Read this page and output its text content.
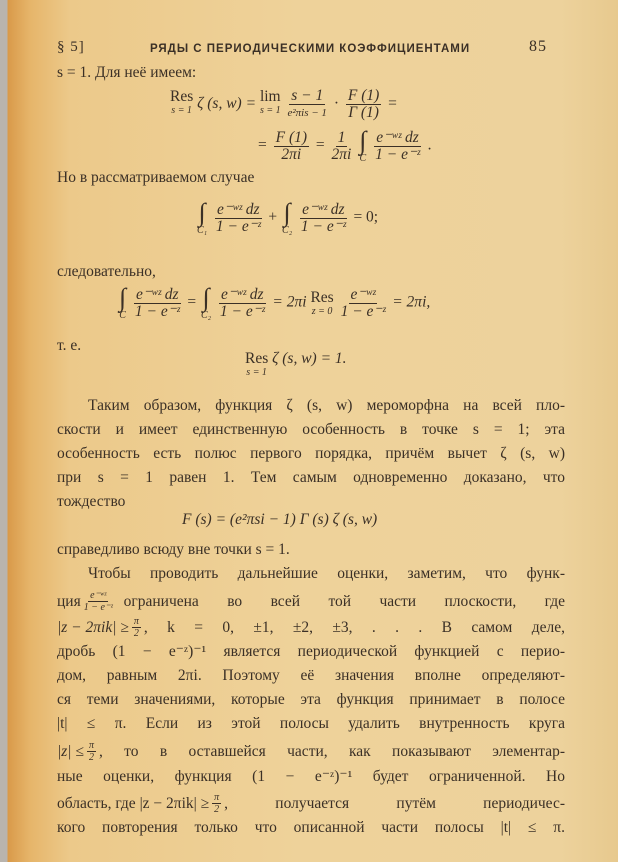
§ 5]	РЯДЫ С ПЕРИОДИЧЕСКИМИ КОЭФФИЦИЕНТАМИ	85
s = 1. Для неё имеем:
Res
s = 1 ζ (s, w) = lim
s = 1
$\frac{s - 1}{\text{e²πis − 1}} \cdot \frac{F (1)}{\Gamma (1)}$ =
= $\frac{F (1)}{2\pi i} = \frac{1}{2\pi i}$
∫
C
$\frac{\text{e⁻ʷᶻ dz}}{\text{1 − e⁻ᶻ}}$ .
Но в рассматриваемом случае
∫
C₁
$\frac{\text{e⁻ʷᶻ dz}}{\text{1 − e⁻ᶻ}}$ + ∫
C₂
$\frac{\text{e⁻ʷᶻ dz}}{\text{1 − e⁻ᶻ}} = 0$;
следовательно,
∫
C
$\frac{\text{e⁻ʷᶻ dz}}{\text{1 − e⁻ᶻ}}$ = ∫
C₂
$\frac{\text{e⁻ʷᶻ dz}}{\text{1 − e⁻ᶻ}} = 2\pi i$ Res
z = 0
$\frac{\text{e⁻ʷᶻ}}{\text{1 − e⁻ᶻ}} = 2\pi i$,
т. е.
Res
s = 1
ζ (s, w) = 1.
Таким образом, функция ζ (s, w) мероморфна на всей пло-
скости и имеет единственную особенность в точке s = 1; эта
особенность есть полюс первого порядка, причём вычет ζ (s, w)
при s = 1 равен 1. Тем самым одновременно доказано, что
тождество
F (s) = (e²πsi − 1) Γ (s) ζ (s, w)
справедливо всюду вне точки s = 1.
Чтобы проводить дальнейшие оценки, заметим, что функ-
ция $\frac{\text{e⁻ʷᶻ}}{\text{1 − e⁻ᶻ}}$ ограничена во всей той части плоскости, где
$|z - 2\pi ik| \ge \frac{\pi}{2}$ , k = 0, ±1, ±2, ±3, . . . В самом деле,
дробь (1 − e⁻ᶻ)⁻¹ является периодической функцией с перио-
дом, равным 2πi. Поэтому её значения вполне определяют-
ся теми значениями, которые эта функция принимает в полосе
|t| ≤ π. Если из этой полосы удалить внутренность круга
$|z| \le \frac{\pi}{2}$ , то в оставшейся части, как показывают элементар-
ные оценки, функция (1 − e⁻ᶻ)⁻¹ будет ограниченной. Но
область, где $|z - 2\pi ik| \ge \frac{\pi}{2}$ , получается путём периодичес-
кого повторения только что описанной части полосы |t| ≤ π.
